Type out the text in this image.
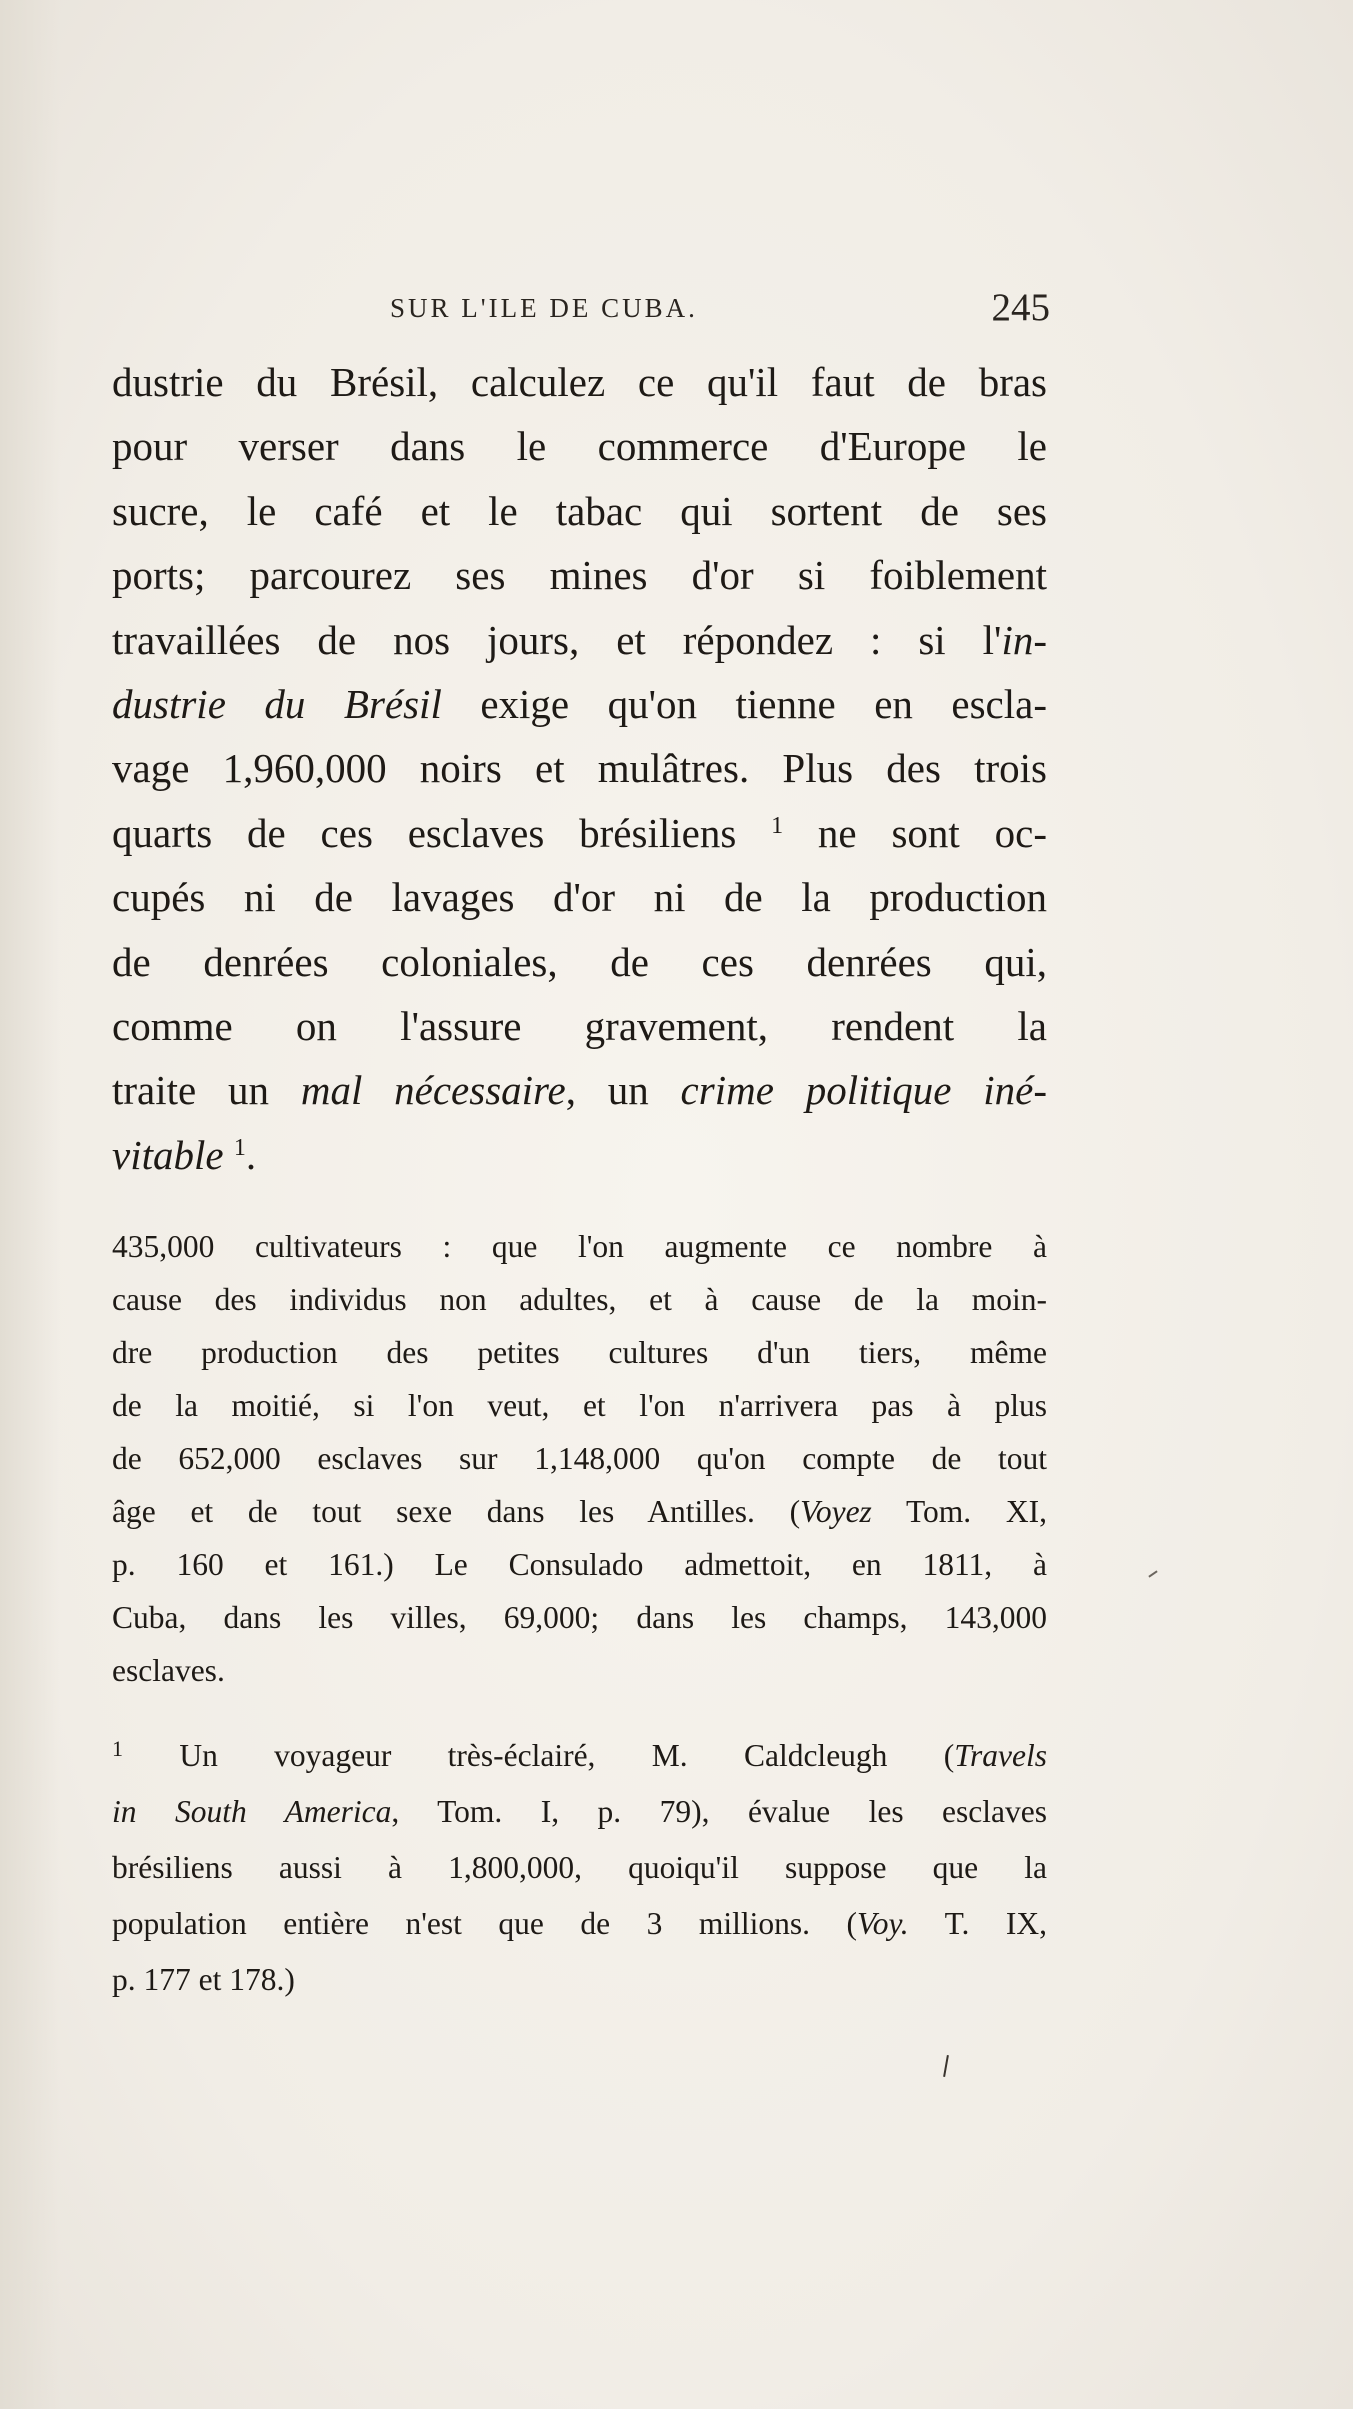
SUR L'ILE DE CUBA.	245
dustrie du Brésil, calculez ce qu'il faut de bras
pour verser dans le commerce d'Europe le
sucre, le café et le tabac qui sortent de ses
ports; parcourez ses mines d'or si foiblement
travaillées de nos jours, et répondez : si l'in-
dustrie du Brésil exige qu'on tienne en escla-
vage 1,960,000 noirs et mulâtres. Plus des trois
quarts de ces esclaves brésiliens $^1$ ne sont oc-
cupés ni de lavages d'or ni de la production
de denrées coloniales, de ces denrées qui,
comme on l'assure gravement, rendent la
traite un mal nécessaire, un crime politique iné-
vitable $^1$.
435,000 cultivateurs : que l'on augmente ce nombre à
cause des individus non adultes, et à cause de la moin-
dre production des petites cultures d'un tiers, même
de la moitié, si l'on veut, et l'on n'arrivera pas à plus
de 652,000 esclaves sur 1,148,000 qu'on compte de tout
âge et de tout sexe dans les Antilles. (Voyez Tom. XI,
p. 160 et 161.) Le Consulado admettoit, en 1811, à
Cuba, dans les villes, 69,000; dans les champs, 143,000
esclaves.
$^1$ Un voyageur très-éclairé, M. Caldcleugh (Travels
in South America, Tom. I, p. 79), évalue les esclaves
brésiliens aussi à 1,800,000, quoiqu'il suppose que la
population entière n'est que de 3 millions. (Voy. T. IX,
p. 177 et 178.)
